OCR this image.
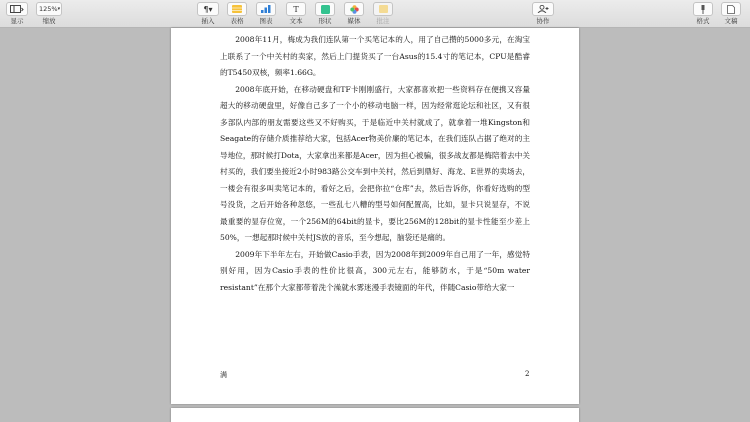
显示
125% ▾
缩放
¶▾
插入 表格 图表
T
文本 形状 媒体 批注	协作	格式 文稿

2008年11月，梅成为我们连队第一个买笔记本的人，用了自己攒的5000多元，在淘宝上联系了一个中关村的卖家，然后上门提货买了一台Asus的15.4寸的笔记本，CPU是酷睿的T5450双核，频率1.66G。

2008年底开始，在移动硬盘和TF卡刚刚盛行，大家都喜欢把一些资料存在便携又容量超大的移动硬盘里，好像自己多了一个小的移动电脑一样，因为经常逛论坛和社区，又有很多部队内部的朋友需要这些又不好购买，于是临近中关村就成了，就拿着一堆Kingston和Seagate的存储介质推荐给大家，包括Acer物美价廉的笔记本，在我们连队占据了绝对的主导地位，那时候打Dota，大家拿出来都是Acer，因为担心被骗，很多战友都是梅陪着去中关村买的，我们要坐接近2小时983路公交车到中关村，然后到鼎好、海龙、E世界的卖场去，一楼会有很多叫卖笔记本的，看好之后，会把你拉“仓库”去，然后告诉你，你看好选购的型号没货，之后开始各种忽悠，一些乱七八糟的型号如何配置高，比如，显卡只说显存，不说最重要的显存位宽，一个256M的64bit的显卡，要比256M的128bit的显卡性能至少差上50%，一想起那时候中关村JS放的音乐，至今想起，脑袋还是痛的。

2009年下半年左右，开始做Casio手表，因为2008年到2009年自己用了一年，感觉特别好用，因为Casio手表的性价比很高，300元左右，能够防水，于是“50m water resistant”在那个大家都带着洗个澡就水雾迷漫手表镜面的年代，伴随Casio带给大家一

满	2
